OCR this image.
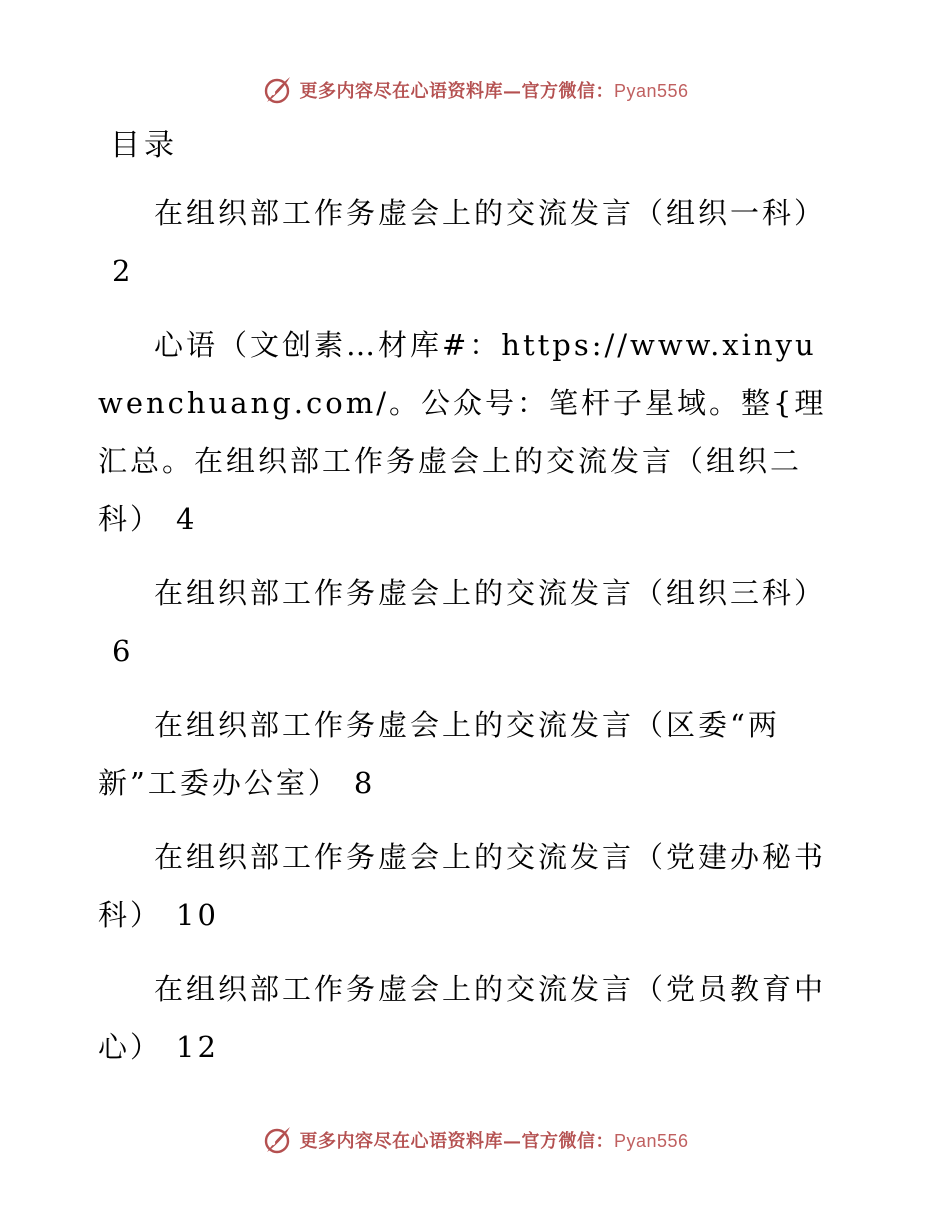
更多内容尽在心语资料库—官方微信：Pyan556
目录
在组织部工作务虚会上的交流发言（组织一科）2
心语（文创素…材库#：https://www.xinyuwenchuang.com/。公众号：笔杆子星域。整{理汇总。在组织部工作务虚会上的交流发言（组织二科） 4
在组织部工作务虚会上的交流发言（组织三科）6
在组织部工作务虚会上的交流发言（区委“两新”工委办公室） 8
在组织部工作务虚会上的交流发言（党建办秘书科） 10
在组织部工作务虚会上的交流发言（党员教育中心） 12
更多内容尽在心语资料库—官方微信：Pyan556
